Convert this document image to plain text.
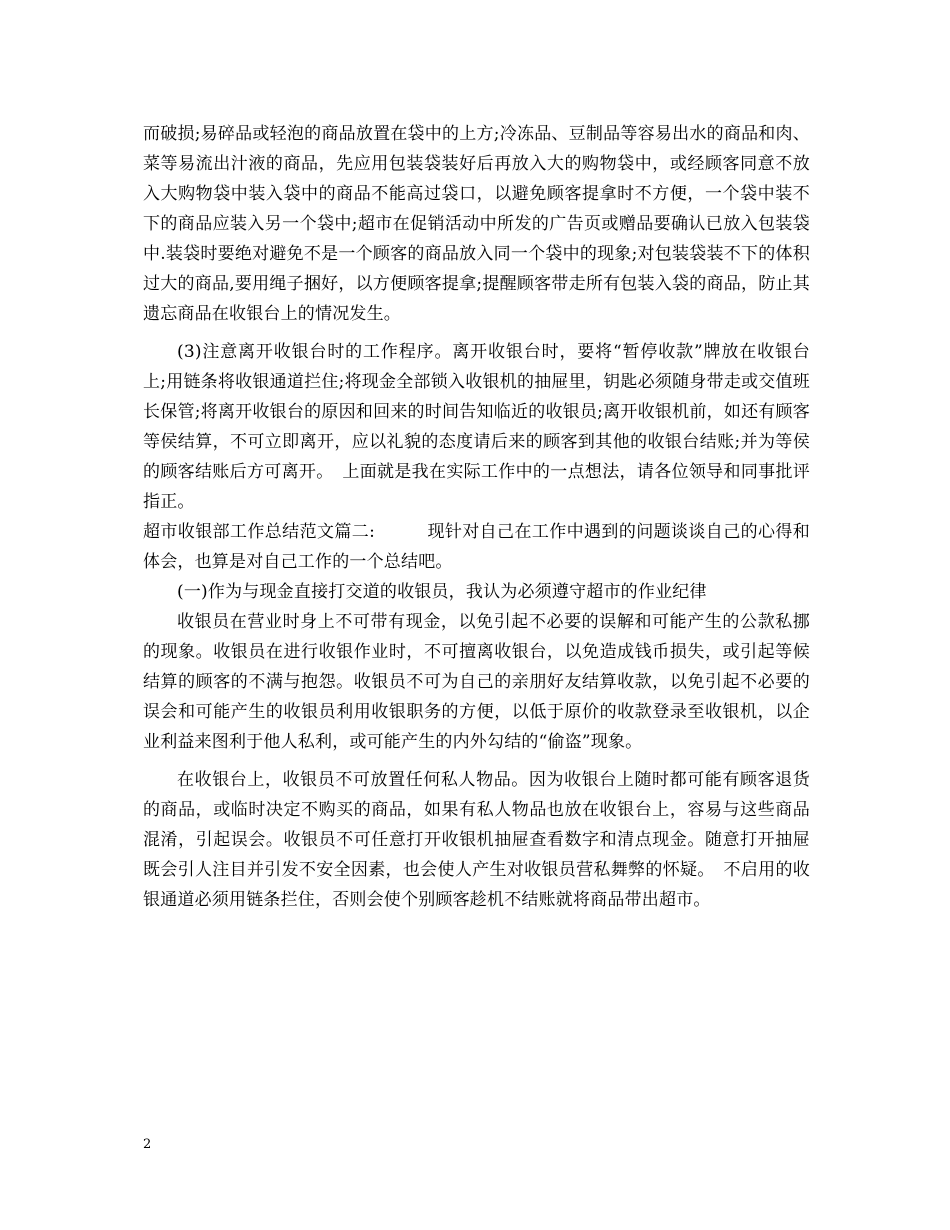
而破损;易碎品或轻泡的商品放置在袋中的上方;冷冻品、豆制品等容易出水的商品和肉、菜等易流出汁液的商品，先应用包装袋装好后再放入大的购物袋中，或经顾客同意不放入大购物袋中装入袋中的商品不能高过袋口，以避免顾客提拿时不方便，一个袋中装不下的商品应装入另一个袋中;超市在促销活动中所发的广告页或赠品要确认已放入包装袋中.装袋时要绝对避免不是一个顾客的商品放入同一个袋中的现象;对包装袋装不下的体积过大的商品,要用绳子捆好，以方便顾客提拿;提醒顾客带走所有包装入袋的商品，防止其遗忘商品在收银台上的情况发生。

(3)注意离开收银台时的工作程序。离开收银台时，要将“暂停收款”牌放在收银台上;用链条将收银通道拦住;将现金全部锁入收银机的抽屉里，钥匙必须随身带走或交值班长保管;将离开收银台的原因和回来的时间告知临近的收银员;离开收银机前，如还有顾客等侯结算，不可立即离开，应以礼貌的态度请后来的顾客到其他的收银台结账;并为等侯的顾客结账后方可离开。　上面就是我在实际工作中的一点想法，请各位领导和同事批评指正。

超市收银部工作总结范文篇二:　　　现针对自己在工作中遇到的问题谈谈自己的心得和体会，也算是对自己工作的一个总结吧。

(一)作为与现金直接打交道的收银员，我认为必须遵守超市的作业纪律

收银员在营业时身上不可带有现金，以免引起不必要的误解和可能产生的公款私挪的现象。收银员在进行收银作业时，不可擅离收银台，以免造成钱币损失，或引起等候结算的顾客的不满与抱怨。收银员不可为自己的亲朋好友结算收款，以免引起不必要的误会和可能产生的收银员利用收银职务的方便，以低于原价的收款登录至收银机，以企业利益来图利于他人私利，或可能产生的内外勾结的“偷盗”现象。

在收银台上，收银员不可放置任何私人物品。因为收银台上随时都可能有顾客退货的商品，或临时决定不购买的商品，如果有私人物品也放在收银台上，容易与这些商品混淆，引起误会。收银员不可任意打开收银机抽屉查看数字和清点现金。随意打开抽屉既会引人注目并引发不安全因素，也会使人产生对收银员营私舞弊的怀疑。　不启用的收银通道必须用链条拦住，否则会使个别顾客趁机不结账就将商品带出超市。

2
